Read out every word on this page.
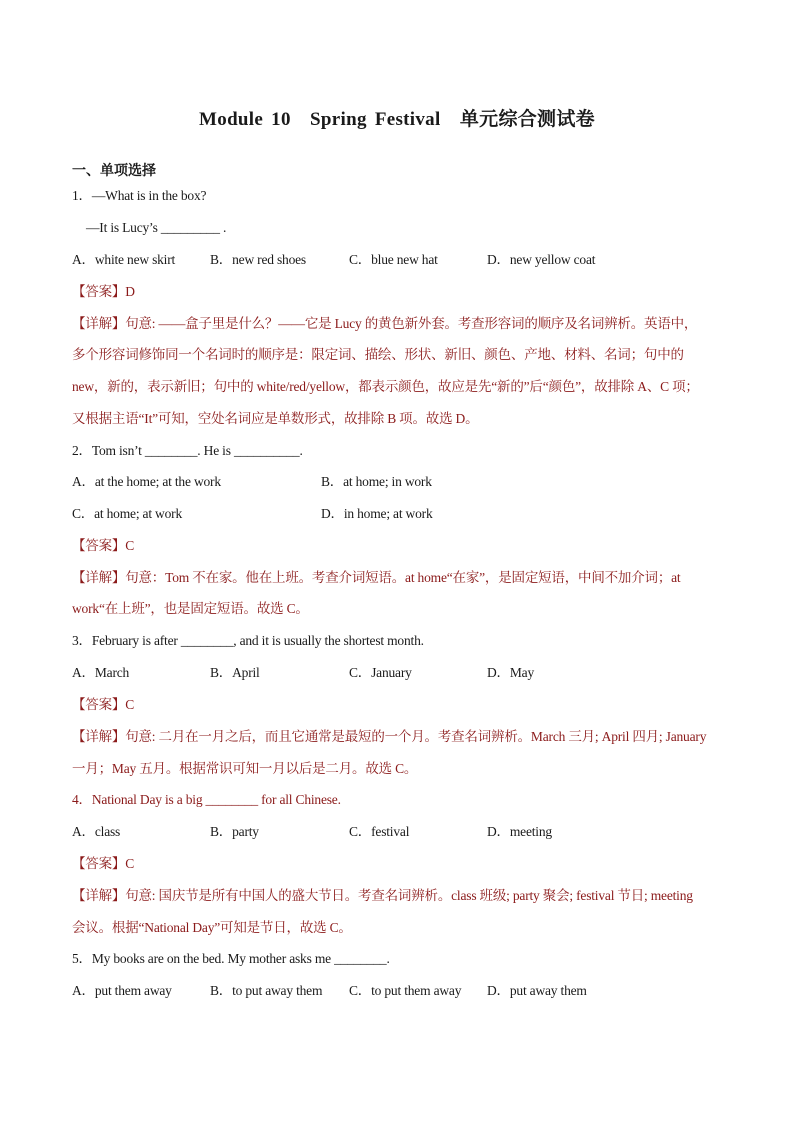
Module 10　Spring Festival　单元综合测试卷
一、单项选择
1．—What is in the box?
—It is Lucy’s _________ .
A．white new skirt	B．new red shoes	C．blue new hat	D．new yellow coat
【答案】D
【详解】句意: ——盒子里是什么？——它是 Lucy 的黄色新外套。考查形容词的顺序及名词辨析。英语中，
多个形容词修饰同一个名词时的顺序是：限定词、描绘、形状、新旧、颜色、产地、材料、名词；句中的
new，新的，表示新旧；句中的 white/red/yellow，都表示颜色，故应是先“新的”后“颜色”，故排除 A、C 项；
又根据主语“It”可知，空处名词应是单数形式，故排除 B 项。故选 D。
2．Tom isn’t ________. He is __________.
A．at the home; at the work	B．at home; in work
C．at home; at work	D．in home; at work
【答案】C
【详解】句意：Tom 不在家。他在上班。考查介词短语。at home“在家”，是固定短语，中间不加介词；at
work“在上班”，也是固定短语。故选 C。
3．February is after ________, and it is usually the shortest month.
A．March	B．April	C．January	D．May
【答案】C
【详解】句意: 二月在一月之后，而且它通常是最短的一个月。考查名词辨析。March 三月; April 四月; January
一月；May 五月。根据常识可知一月以后是二月。故选 C。
4．National Day is a big ________ for all Chinese.
A．class	B．party	C．festival	D．meeting
【答案】C
【详解】句意: 国庆节是所有中国人的盛大节日。考查名词辨析。class 班级; party 聚会; festival 节日; meeting
会议。根据“National Day”可知是节日，故选 C。
5．My books are on the bed. My mother asks me ________.
A．put them away	B．to put away them C．to put them away D．put away them
